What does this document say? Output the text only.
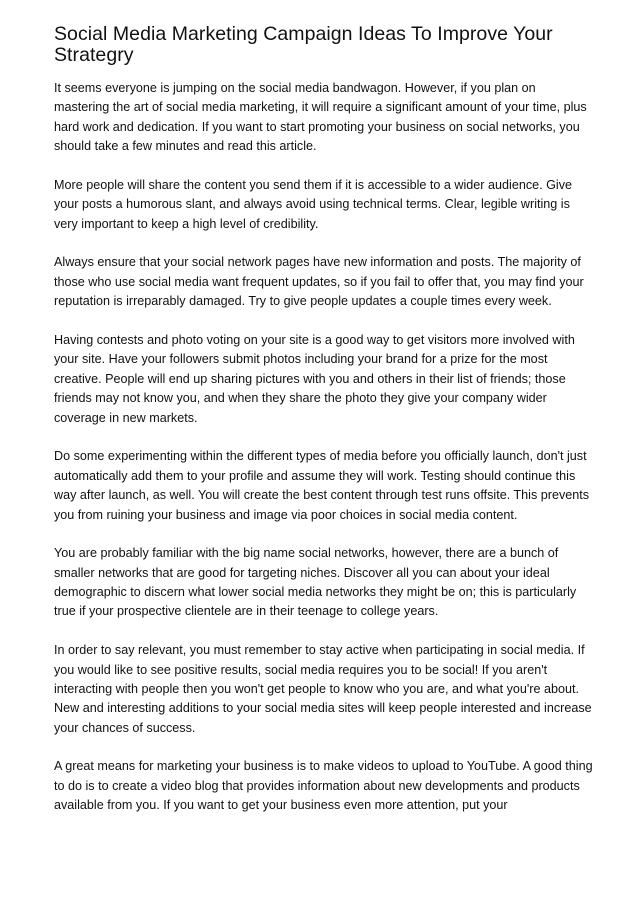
Social Media Marketing Campaign Ideas To Improve Your Strategry

It seems everyone is jumping on the social media bandwagon. However, if you plan on mastering the art of social media marketing, it will require a significant amount of your time, plus hard work and dedication. If you want to start promoting your business on social networks, you should take a few minutes and read this article.

More people will share the content you send them if it is accessible to a wider audience. Give your posts a humorous slant, and always avoid using technical terms. Clear, legible writing is very important to keep a high level of credibility.

Always ensure that your social network pages have new information and posts. The majority of those who use social media want frequent updates, so if you fail to offer that, you may find your reputation is irreparably damaged. Try to give people updates a couple times every week.

Having contests and photo voting on your site is a good way to get visitors more involved with your site. Have your followers submit photos including your brand for a prize for the most creative. People will end up sharing pictures with you and others in their list of friends; those friends may not know you, and when they share the photo they give your company wider coverage in new markets.

Do some experimenting within the different types of media before you officially launch, don't just automatically add them to your profile and assume they will work. Testing should continue this way after launch, as well. You will create the best content through test runs offsite. This prevents you from ruining your business and image via poor choices in social media content.

You are probably familiar with the big name social networks, however, there are a bunch of smaller networks that are good for targeting niches. Discover all you can about your ideal demographic to discern what lower social media networks they might be on; this is particularly true if your prospective clientele are in their teenage to college years.

In order to say relevant, you must remember to stay active when participating in social media. If you would like to see positive results, social media requires you to be social! If you aren't interacting with people then you won't get people to know who you are, and what you're about. New and interesting additions to your social media sites will keep people interested and increase your chances of success.

A great means for marketing your business is to make videos to upload to YouTube. A good thing to do is to create a video blog that provides information about new developments and products available from you. If you want to get your business even more attention, put your
